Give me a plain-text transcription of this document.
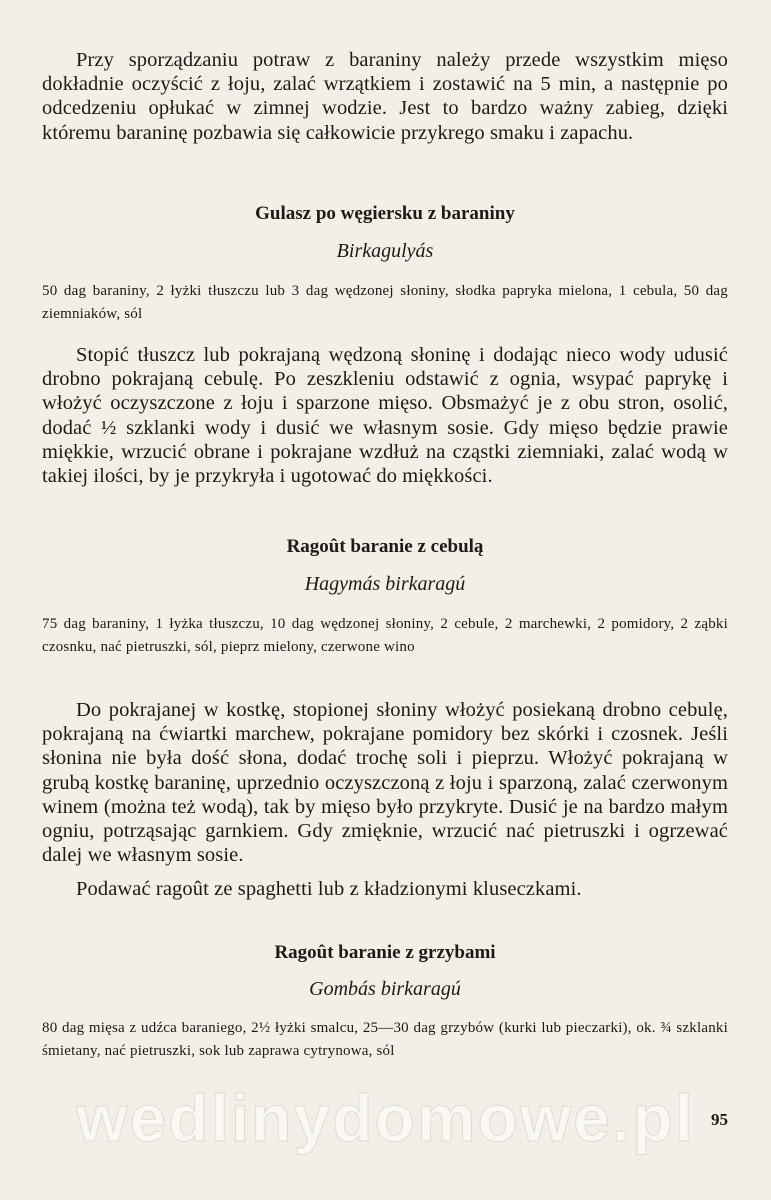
Przy sporządzaniu potraw z baraniny należy przede wszystkim mięso dokładnie oczyścić z łoju, zalać wrzątkiem i zostawić na 5 min, a następnie po odcedzeniu opłukać w zimnej wodzie. Jest to bardzo ważny zabieg, dzięki któremu baraninę pozbawia się całkowicie przykrego smaku i zapachu.

Gulasz po węgiersku z baraniny

Birkagulyás

50 dag baraniny, 2 łyżki tłuszczu lub 3 dag wędzonej słoniny, słodka papryka mielona, 1 cebula, 50 dag ziemniaków, sól

Stopić tłuszcz lub pokrajaną wędzoną słoninę i dodając nieco wody udusić drobno pokrajaną cebulę. Po zeszkleniu odstawić z ognia, wsypać paprykę i włożyć oczyszczone z łoju i sparzone mięso. Obsmażyć je z obu stron, osolić, dodać ½ szklanki wody i dusić we własnym sosie. Gdy mięso będzie prawie miękkie, wrzucić obrane i pokrajane wzdłuż na cząstki ziemniaki, zalać wodą w takiej ilości, by je przykryła i ugotować do miękkości.

Ragoût baranie z cebulą

Hagymás birkaragú

75 dag baraniny, 1 łyżka tłuszczu, 10 dag wędzonej słoniny, 2 cebule, 2 marchewki, 2 pomidory, 2 ząbki czosnku, nać pietruszki, sól, pieprz mielony, czerwone wino

Do pokrajanej w kostkę, stopionej słoniny włożyć posiekaną drobno cebulę, pokrajaną na ćwiartki marchew, pokrajane pomidory bez skórki i czosnek. Jeśli słonina nie była dość słona, dodać trochę soli i pieprzu. Włożyć pokrajaną w grubą kostkę baraninę, uprzednio oczyszczoną z łoju i sparzoną, zalać czerwonym winem (można też wodą), tak by mięso było przykryte. Dusić je na bardzo małym ogniu, potrząsając garnkiem. Gdy zmięknie, wrzucić nać pietruszki i ogrzewać dalej we własnym sosie.

Podawać ragoût ze spaghetti lub z kładzionymi kluseczkami.

Ragoût baranie z grzybami

Gombás birkaragú

80 dag mięsa z udźca baraniego, 2½ łyżki smalcu, 25—30 dag grzybów (kurki lub pieczarki), ok. ¾ szklanki śmietany, nać pietruszki, sok lub zaprawa cytrynowa, sól

wedlinydomowe.pl 95
